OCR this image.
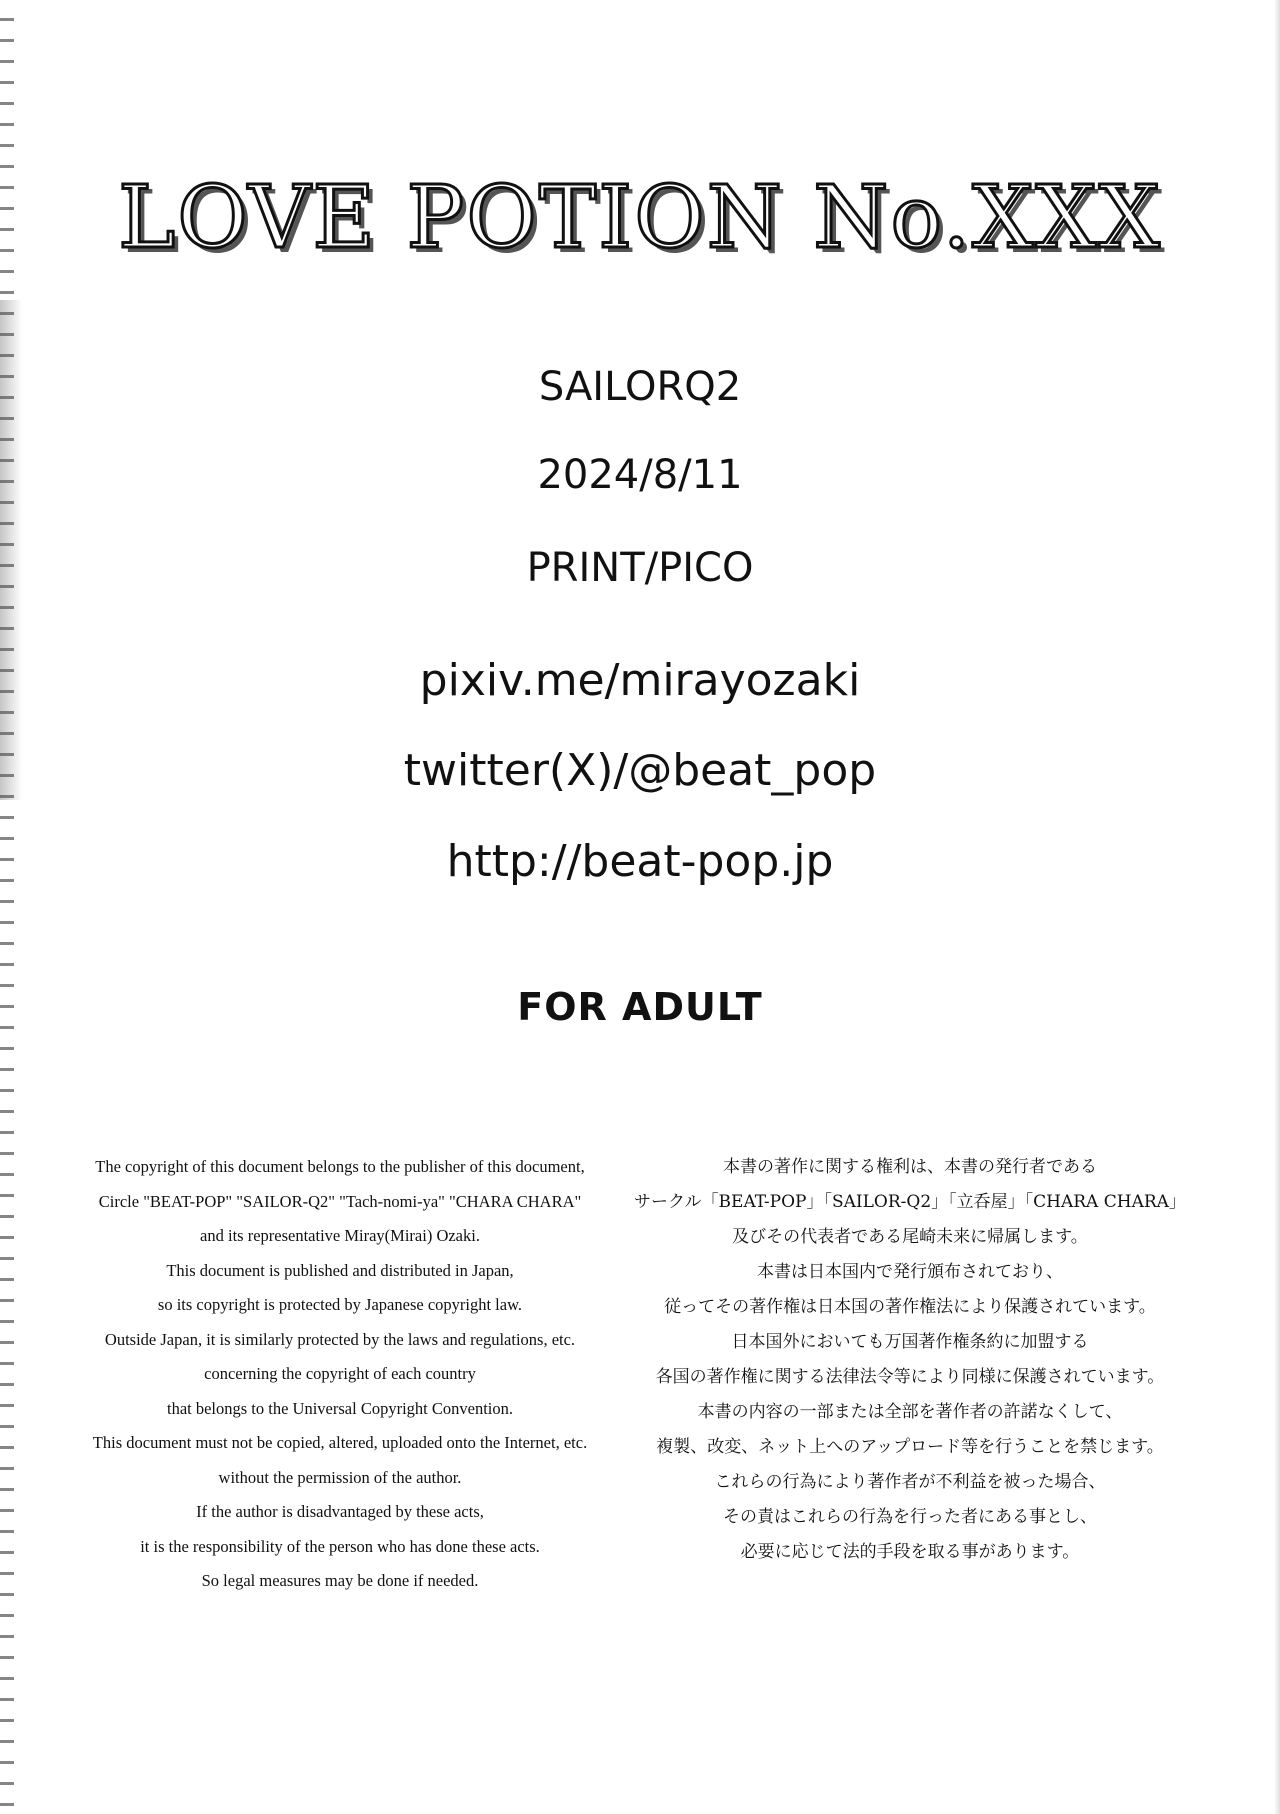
LOVE POTION No.XXX
SAILORQ2
2024/8/11
PRINT/PICO
pixiv.me/mirayozaki
twitter(X)/@beat_pop
http://beat-pop.jp
FOR ADULT
The copyright of this document belongs to the publisher of this document,
Circle "BEAT-POP" "SAILOR-Q2" "Tach-nomi-ya" "CHARA CHARA"
and its representative Miray(Mirai) Ozaki.
This document is published and distributed in Japan,
so its copyright is protected by Japanese copyright law.
Outside Japan, it is similarly protected by the laws and regulations, etc.
concerning the copyright of each country
that belongs to the Universal Copyright Convention.
This document must not be copied, altered, uploaded onto the Internet, etc.
without the permission of the author.
If the author is disadvantaged by these acts,
it is the responsibility of the person who has done these acts.
So legal measures may be done if needed.
本書の著作に関する権利は、本書の発行者である
サークル「BEAT-POP」「SAILOR-Q2」「立呑屋」「CHARA CHARA」
及びその代表者である尾崎未来に帰属します。
本書は日本国内で発行頒布されており、
従ってその著作権は日本国の著作権法により保護されています。
日本国外においても万国著作権条約に加盟する
各国の著作権に関する法律法令等により同様に保護されています。
本書の内容の一部または全部を著作者の許諾なくして、
複製、改変、ネット上へのアップロード等を行うことを禁じます。
これらの行為により著作者が不利益を被った場合、
その責はこれらの行為を行った者にある事とし、
必要に応じて法的手段を取る事があります。
